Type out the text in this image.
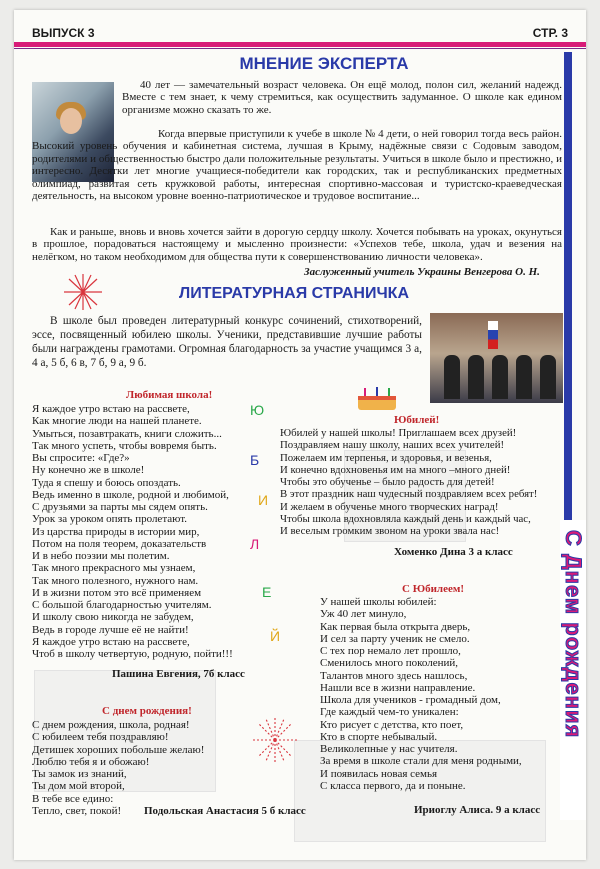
ВЫПУСК 3	СТР. 3
С Днем рождения
МНЕНИЕ ЭКСПЕРТА
40 лет — замечательный возраст человека. Он ещё молод, полон сил, желаний надежд. Вместе с тем знает, к чему стремиться, как осуществить задуманное. О школе как едином организме можно сказать то же.
Когда впервые приступили к учебе в школе № 4 дети, о ней говорил тогда весь район. Высокий уровень обучения и кабинетная система, лучшая в Крыму, надёжные связи с Содовым заводом, родителями и общественностью быстро дали положительные результаты. Учиться в школе было и престижно, и интересно. Десятки лет многие учащиеся-победители как городских, так и республиканских предметных олимпиад, развитая сеть кружковой работы, интересная спортивно-массовая и туристско-краеведческая деятельность, на высоком уровне военно-патриотическое и трудовое воспитание...
Как и раньше, вновь и вновь хочется зайти в дорогую сердцу школу. Хочется побывать на уроках, окунуться в прошлое, порадоваться настоящему и мысленно произнести: «Успехов тебе, школа, удач и везения на нелёгком, но таком необходимом для общества пути к совершенствованию личности человека».
Заслуженный учитель Украины Венгерова О. Н.
ЛИТЕРАТУРНАЯ СТРАНИЧКА
В школе был проведен литературный конкурс сочинений, стихотворений, эссе, посвященный юбилею школы. Ученики, представившие лучшие работы были награждены грамотами. Огромная благодарность за участие учащимся 3 а, 4 а, 5 б, 6 в, 7 б, 9 а, 9 б.
Любимая школа!
Я каждое утро встаю на рассвете,
Как многие люди на нашей планете.
Умыться, позавтракать, книги сложить...
Так много успеть, чтобы вовремя быть.
Вы спросите: «Где?»
Ну конечно же в школе!
Туда я спешу и боюсь опоздать.
Ведь именно в школе, родной и любимой,
С друзьями за парты мы сядем опять.
Урок за уроком опять пролетают.
Из царства природы в истории мир,
Потом на поля теорем, доказательств
И в небо поэзии мы полетим.
Так много прекрасного мы узнаем,
Так много полезного, нужного нам.
И в жизни потом это всё применяем
С большой благодарностью учителям.
И школу свою никогда не забудем,
Ведь в городе лучше её не найти!
Я каждое утро встаю на рассвете,
Чтоб в школу четвертую, родную, пойти!!!
Пашина Евгения, 7б класс
Ю
Б
И
Л
Е
Й
Юбилей!
Юбилей у нашей школы! Приглашаем всех друзей!
Поздравляем нашу школу, наших всех учителей!
Пожелаем им терпенья, и здоровья, и везенья,
И конечно вдохновенья им на много –много дней!
Чтобы это обученье – было радость для детей!
В этот праздник наш чудесный поздравляем всех ребят!
И желаем в обученье много творческих наград!
Чтобы школа вдохновляла каждый день и каждый час,
И веселым громким звоном на уроки звала нас!
Хоменко Дина 3 а класс
С Юбилеем!
У нашей школы юбилей:
Уж 40 лет минуло,
Как первая была открыта дверь,
И сел за парту ученик не смело.
С тех пор немало лет прошло,
Сменилось много поколений,
Талантов много здесь нашлось,
Нашли все в жизни направление.
Школа для учеников - громадный дом,
Где каждый чем-то уникален:
Кто рисует с детства, кто поет,
Кто в спорте небывалый.
Великолепные у нас учителя.
За время в школе стали для меня родными,
И появилась новая семья
С класса первого, да и поныне.
Ириоглу Алиса. 9 а класс
С днем рождения!
С днем рождения, школа, родная!
С юбилеем тебя поздравляю!
Детишек хороших побольше желаю!
Люблю тебя я и обожаю!
Ты замок из знаний,
Ты дом мой второй,
В тебе все едино:
Тепло, свет, покой!	Подольская Анастасия 5 б класс
